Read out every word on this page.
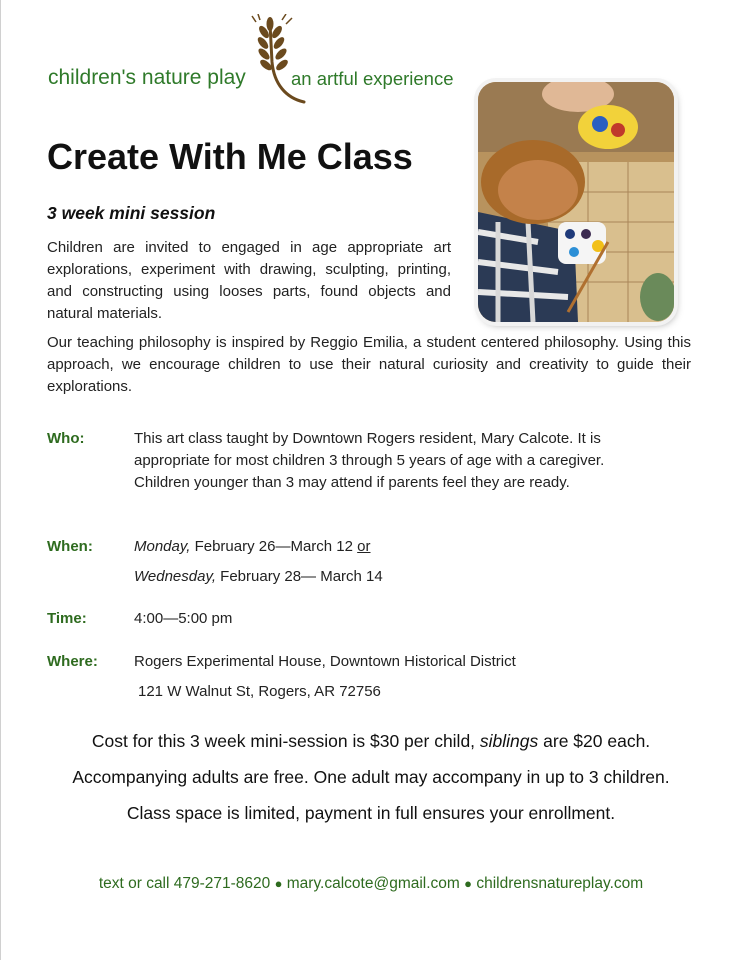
children's nature play an artful experience
Create With Me Class
3 week mini session
Children are invited to engaged in age appropriate art explorations, experiment with drawing, sculpting, printing, and constructing using looses parts, found objects and natural materials.
Our teaching philosophy is inspired by Reggio Emilia, a student centered philosophy. Using this approach, we encourage children to use their natural curiosity and creativity to guide their explorations.
Who:	This art class taught by Downtown Rogers resident, Mary Calcote. It is appropriate for most children 3 through 5 years of age with a caregiver. Children younger than 3 may attend if parents feel they are ready.
When:	Monday, February 26—March 12 or
Wednesday, February 28— March 14
Time:	4:00—5:00 pm
Where: Rogers Experimental House, Downtown Historical District
121 W Walnut St, Rogers, AR 72756
Cost for this 3 week mini-session is $30 per child, siblings are $20 each.
Accompanying adults are free. One adult may accompany in up to 3 children.
Class space is limited, payment in full ensures your enrollment.
text or call 479-271-8620 ● mary.calcote@gmail.com ● childrensnatureplay.com
